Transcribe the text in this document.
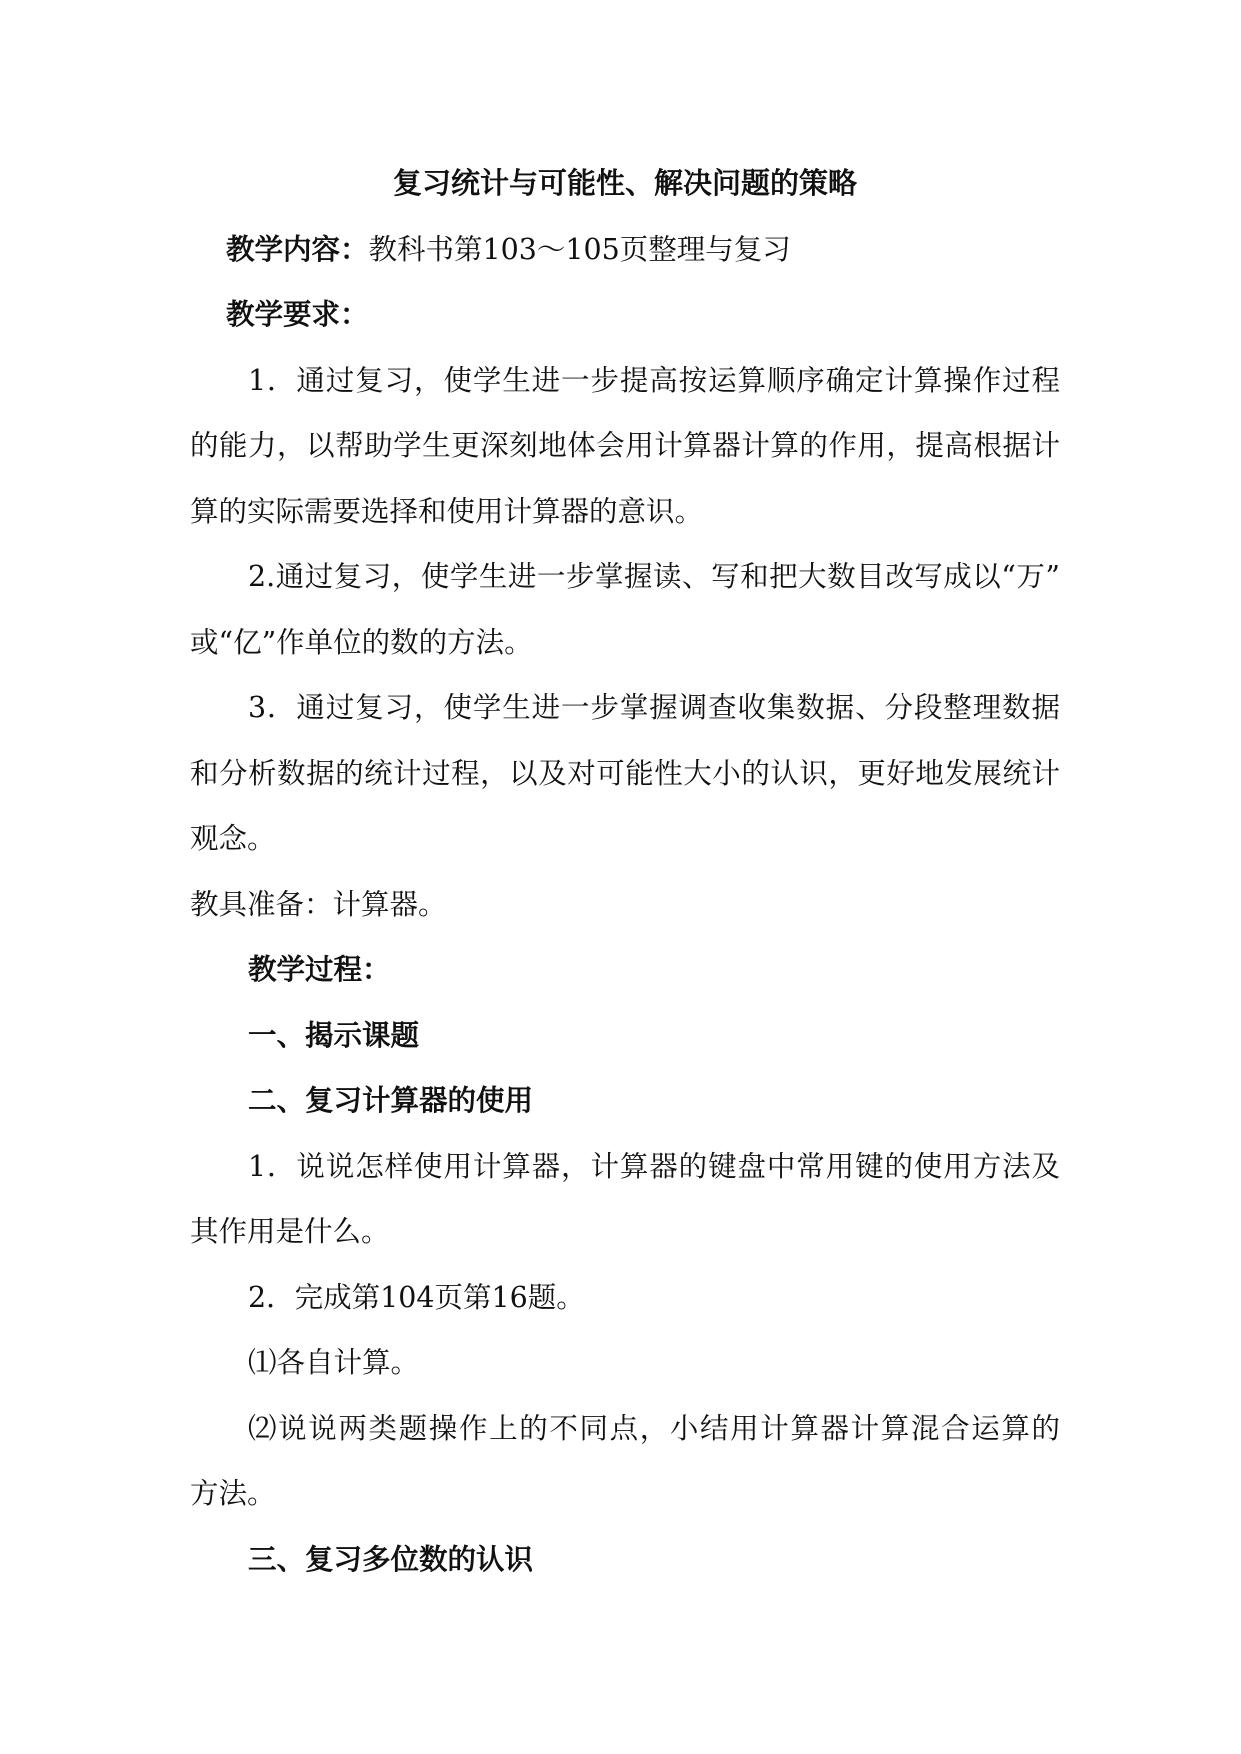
复习统计与可能性、解决问题的策略
教学内容：教科书第103～105页整理与复习
教学要求：
1．通过复习，使学生进一步提高按运算顺序确定计算操作过程
的能力，以帮助学生更深刻地体会用计算器计算的作用，提高根据计
算的实际需要选择和使用计算器的意识。
2.通过复习，使学生进一步掌握读、写和把大数目改写成以“万”
或“亿”作单位的数的方法。
3．通过复习，使学生进一步掌握调查收集数据、分段整理数据
和分析数据的统计过程，以及对可能性大小的认识，更好地发展统计
观念。
教具准备：计算器。
教学过程：
一、揭示课题
二、复习计算器的使用
1．说说怎样使用计算器，计算器的键盘中常用键的使用方法及
其作用是什么。
2．完成第104页第16题。
⑴各自计算。
⑵说说两类题操作上的不同点，小结用计算器计算混合运算的
方法。
三、复习多位数的认识
